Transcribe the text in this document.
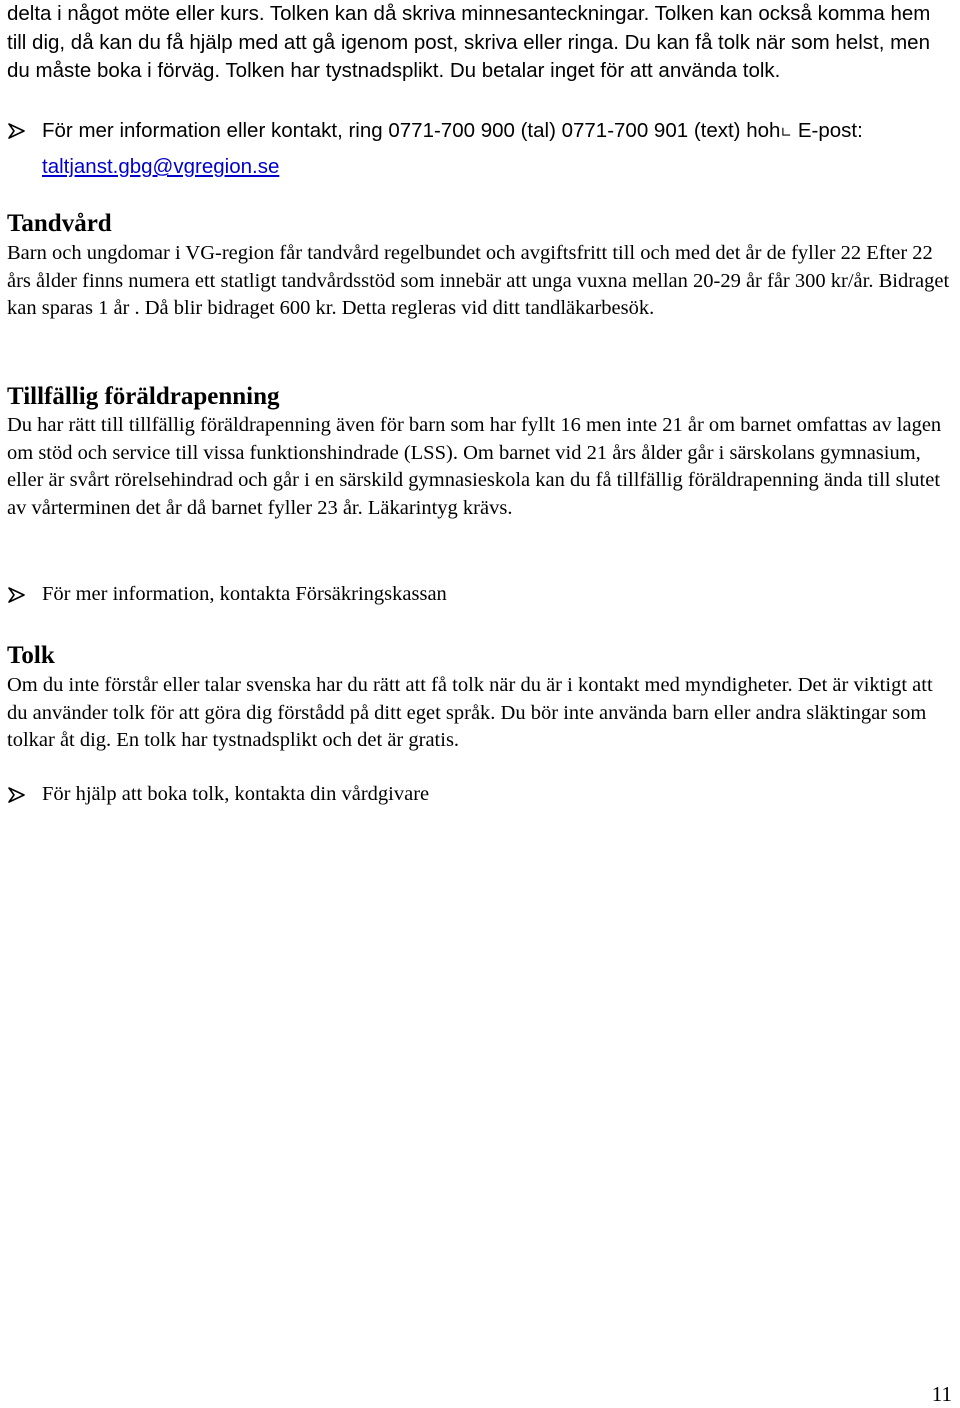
delta i något möte eller kurs. Tolken kan då skriva minnesanteckningar. Tolken kan också komma hem till dig, då kan du få hjälp med att gå igenom post, skriva eller ringa. Du kan få tolk när som helst, men du måste boka i förväg. Tolken har tystnadsplikt. Du betalar inget för att använda tolk.

För mer information eller kontakt, ring 0771-700 900 (tal) 0771-700 901 (text) hoh∟ E-post:
taltjanst.gbg@vgregion.se
Tandvård

Barn och ungdomar i VG-region får tandvård regelbundet och avgiftsfritt till och med det år de fyller 22 Efter 22 års ålder finns numera ett statligt tandvårdsstöd som innebär att unga vuxna mellan 20-29 år får 300 kr/år. Bidraget kan sparas 1 år . Då blir bidraget 600 kr. Detta regleras vid ditt tandläkarbesök.

Tillfällig föräldrapenning

Du har rätt till tillfällig föräldrapenning även för barn som har fyllt 16 men inte 21 år om barnet omfattas av lagen om stöd och service till vissa funktionshindrade (LSS). Om barnet vid 21 års ålder går i särskolans gymnasium, eller är svårt rörelsehindrad och går i en särskild gymnasieskola kan du få tillfällig föräldrapenning ända till slutet av vårterminen det år då barnet fyller 23 år. Läkarintyg krävs.

För mer information, kontakta Försäkringskassan
Tolk

Om du inte förstår eller talar svenska har du rätt att få tolk när du är i kontakt med myndigheter. Det är viktigt att du använder tolk för att göra dig förstådd på ditt eget språk. Du bör inte använda barn eller andra släktingar som tolkar åt dig. En tolk har tystnadsplikt och det är gratis.

För hjälp att boka tolk, kontakta din vårdgivare
11
